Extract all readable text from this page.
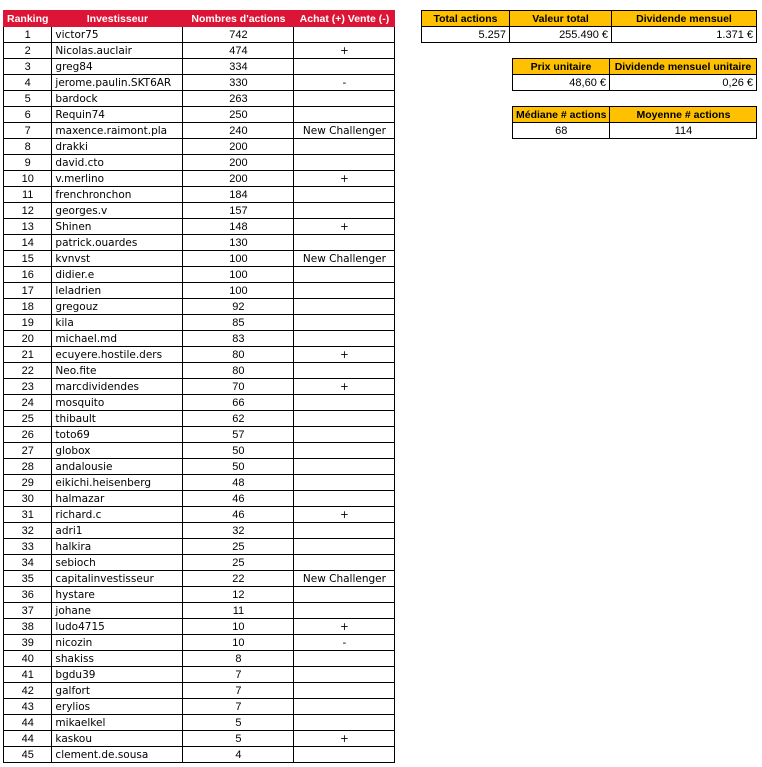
Ranking	Investisseur	Nombres d'actions	Achat (+) Vente (-)
1	victor75	742	
2	Nicolas.auclair	474	+
3	greg84	334	
4	jerome.paulin.SKT6AR	330	-
5	bardock	263	
6	Requin74	250	
7	maxence.raimont.pla	240	New Challenger
8	drakki	200	
9	david.cto	200	
10	v.merlino	200	+
11	frenchronchon	184	
12	georges.v	157	
13	Shinen	148	+
14	patrick.ouardes	130	
15	kvnvst	100	New Challenger
16	didier.e	100	
17	leladrien	100	
18	gregouz	92	
19	kila	85	
20	michael.md	83	
21	ecuyere.hostile.ders	80	+
22	Neo.fite	80	
23	marcdividendes	70	+
24	mosquito	66	
25	thibault	62	
26	toto69	57	
27	globox	50	
28	andalousie	50	
29	eikichi.heisenberg	48	
30	halmazar	46	
31	richard.c	46	+
32	adri1	32	
33	halkira	25	
34	sebioch	25	
35	capitalinvestisseur	22	New Challenger
36	hystare	12	
37	johane	11	
38	ludo4715	10	+
39	nicozin	10	-
40	shakiss	8	
41	bgdu39	7	
42	galfort	7	
43	erylios	7	
44	mikaelkel	5	
44	kaskou	5	+
45	clement.de.sousa	4	
Total actions	Valeur total	Dividende mensuel
5.257	255.490 €	1.371 €
Prix unitaire	Dividende mensuel unitaire
48,60 €	0,26 €
Médiane # actions	Moyenne # actions
68	114
